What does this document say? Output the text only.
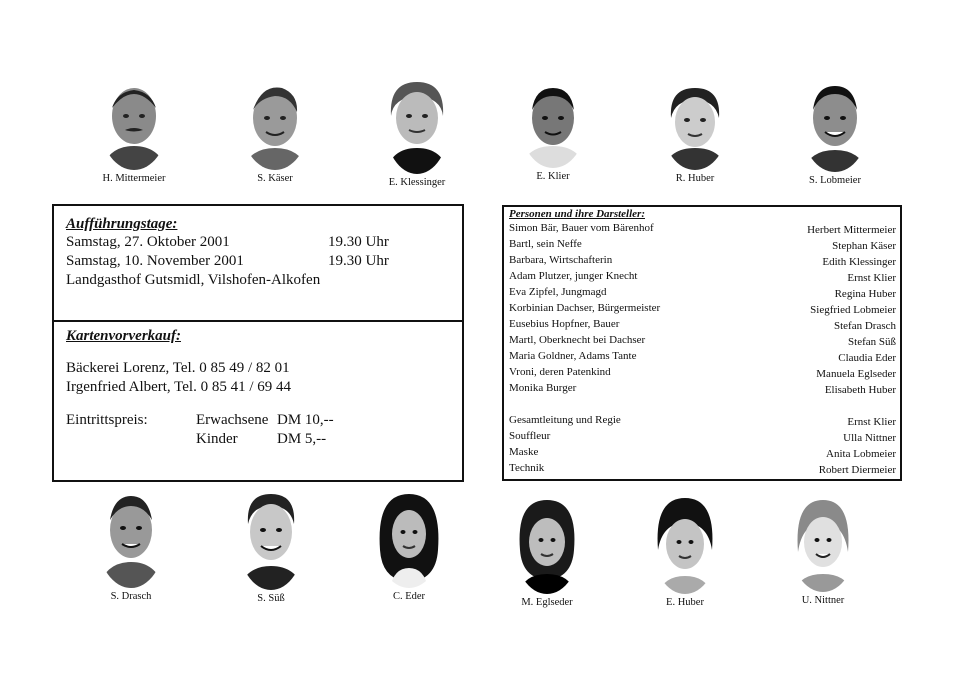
H. Mittermeier	S. Käser	E. Klessinger
E. Klier	R. Huber	S. Lobmeier
Aufführungstage:
Samstag, 27. Oktober 2001	19.30 Uhr
Samstag, 10. November 2001	19.30 Uhr
Landgasthof Gutsmidl, Vilshofen-Alkofen
Kartenvorverkauf:
Bäckerei Lorenz, Tel. 0 85 49 / 82 01
Irgenfried Albert, Tel. 0 85 41 / 69 44
Eintrittspreis:	Erwachsene DM 10,--
Kinder	DM 5,--
Personen und ihre Darsteller:
Simon Bär, Bauer vom Bärenhof	Herbert Mittermeier
Bartl, sein Neffe	Stephan Käser
Barbara, Wirtschafterin	Edith Klessinger
Adam Plutzer, junger Knecht	Ernst Klier
Eva Zipfel, Jungmagd	Regina Huber
Korbinian Dachser, Bürgermeister	Siegfried Lobmeier
Eusebius Hopfner, Bauer	Stefan Drasch
Martl, Oberknecht bei Dachser	Stefan Süß
Maria Goldner, Adams Tante	Claudia Eder
Vroni, deren Patenkind	Manuela Eglseder
Monika Burger	Elisabeth Huber
Gesamtleitung und Regie	Ernst Klier
Souffleur	Ulla Nittner
Maske	Anita Lobmeier
Technik	Robert Diermeier
S. Drasch	S. Süß	C. Eder
M. Eglseder	E. Huber	U. Nittner
